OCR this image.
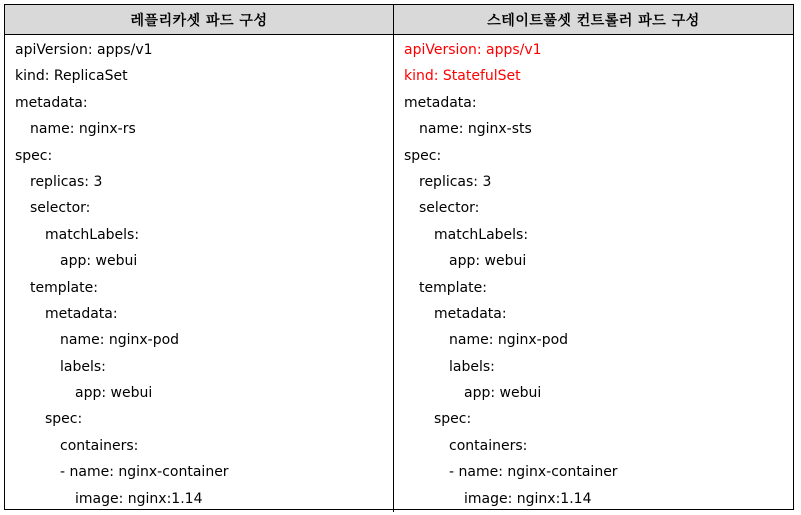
레플리카셋 파드 구성	스테이트풀셋 컨트롤러 파드 구성
apiVersion: apps/v1
kind: ReplicaSet
metadata:
name: nginx-rs
spec:
replicas: 3
selector:
matchLabels:
app: webui
template:
metadata:
name: nginx-pod
labels:
app: webui
spec:
containers:
- name: nginx-container
image: nginx:1.14
apiVersion: apps/v1
kind: StatefulSet
metadata:
name: nginx-sts
spec:
replicas: 3
selector:
matchLabels:
app: webui
template:
metadata:
name: nginx-pod
labels:
app: webui
spec:
containers:
- name: nginx-container
image: nginx:1.14
